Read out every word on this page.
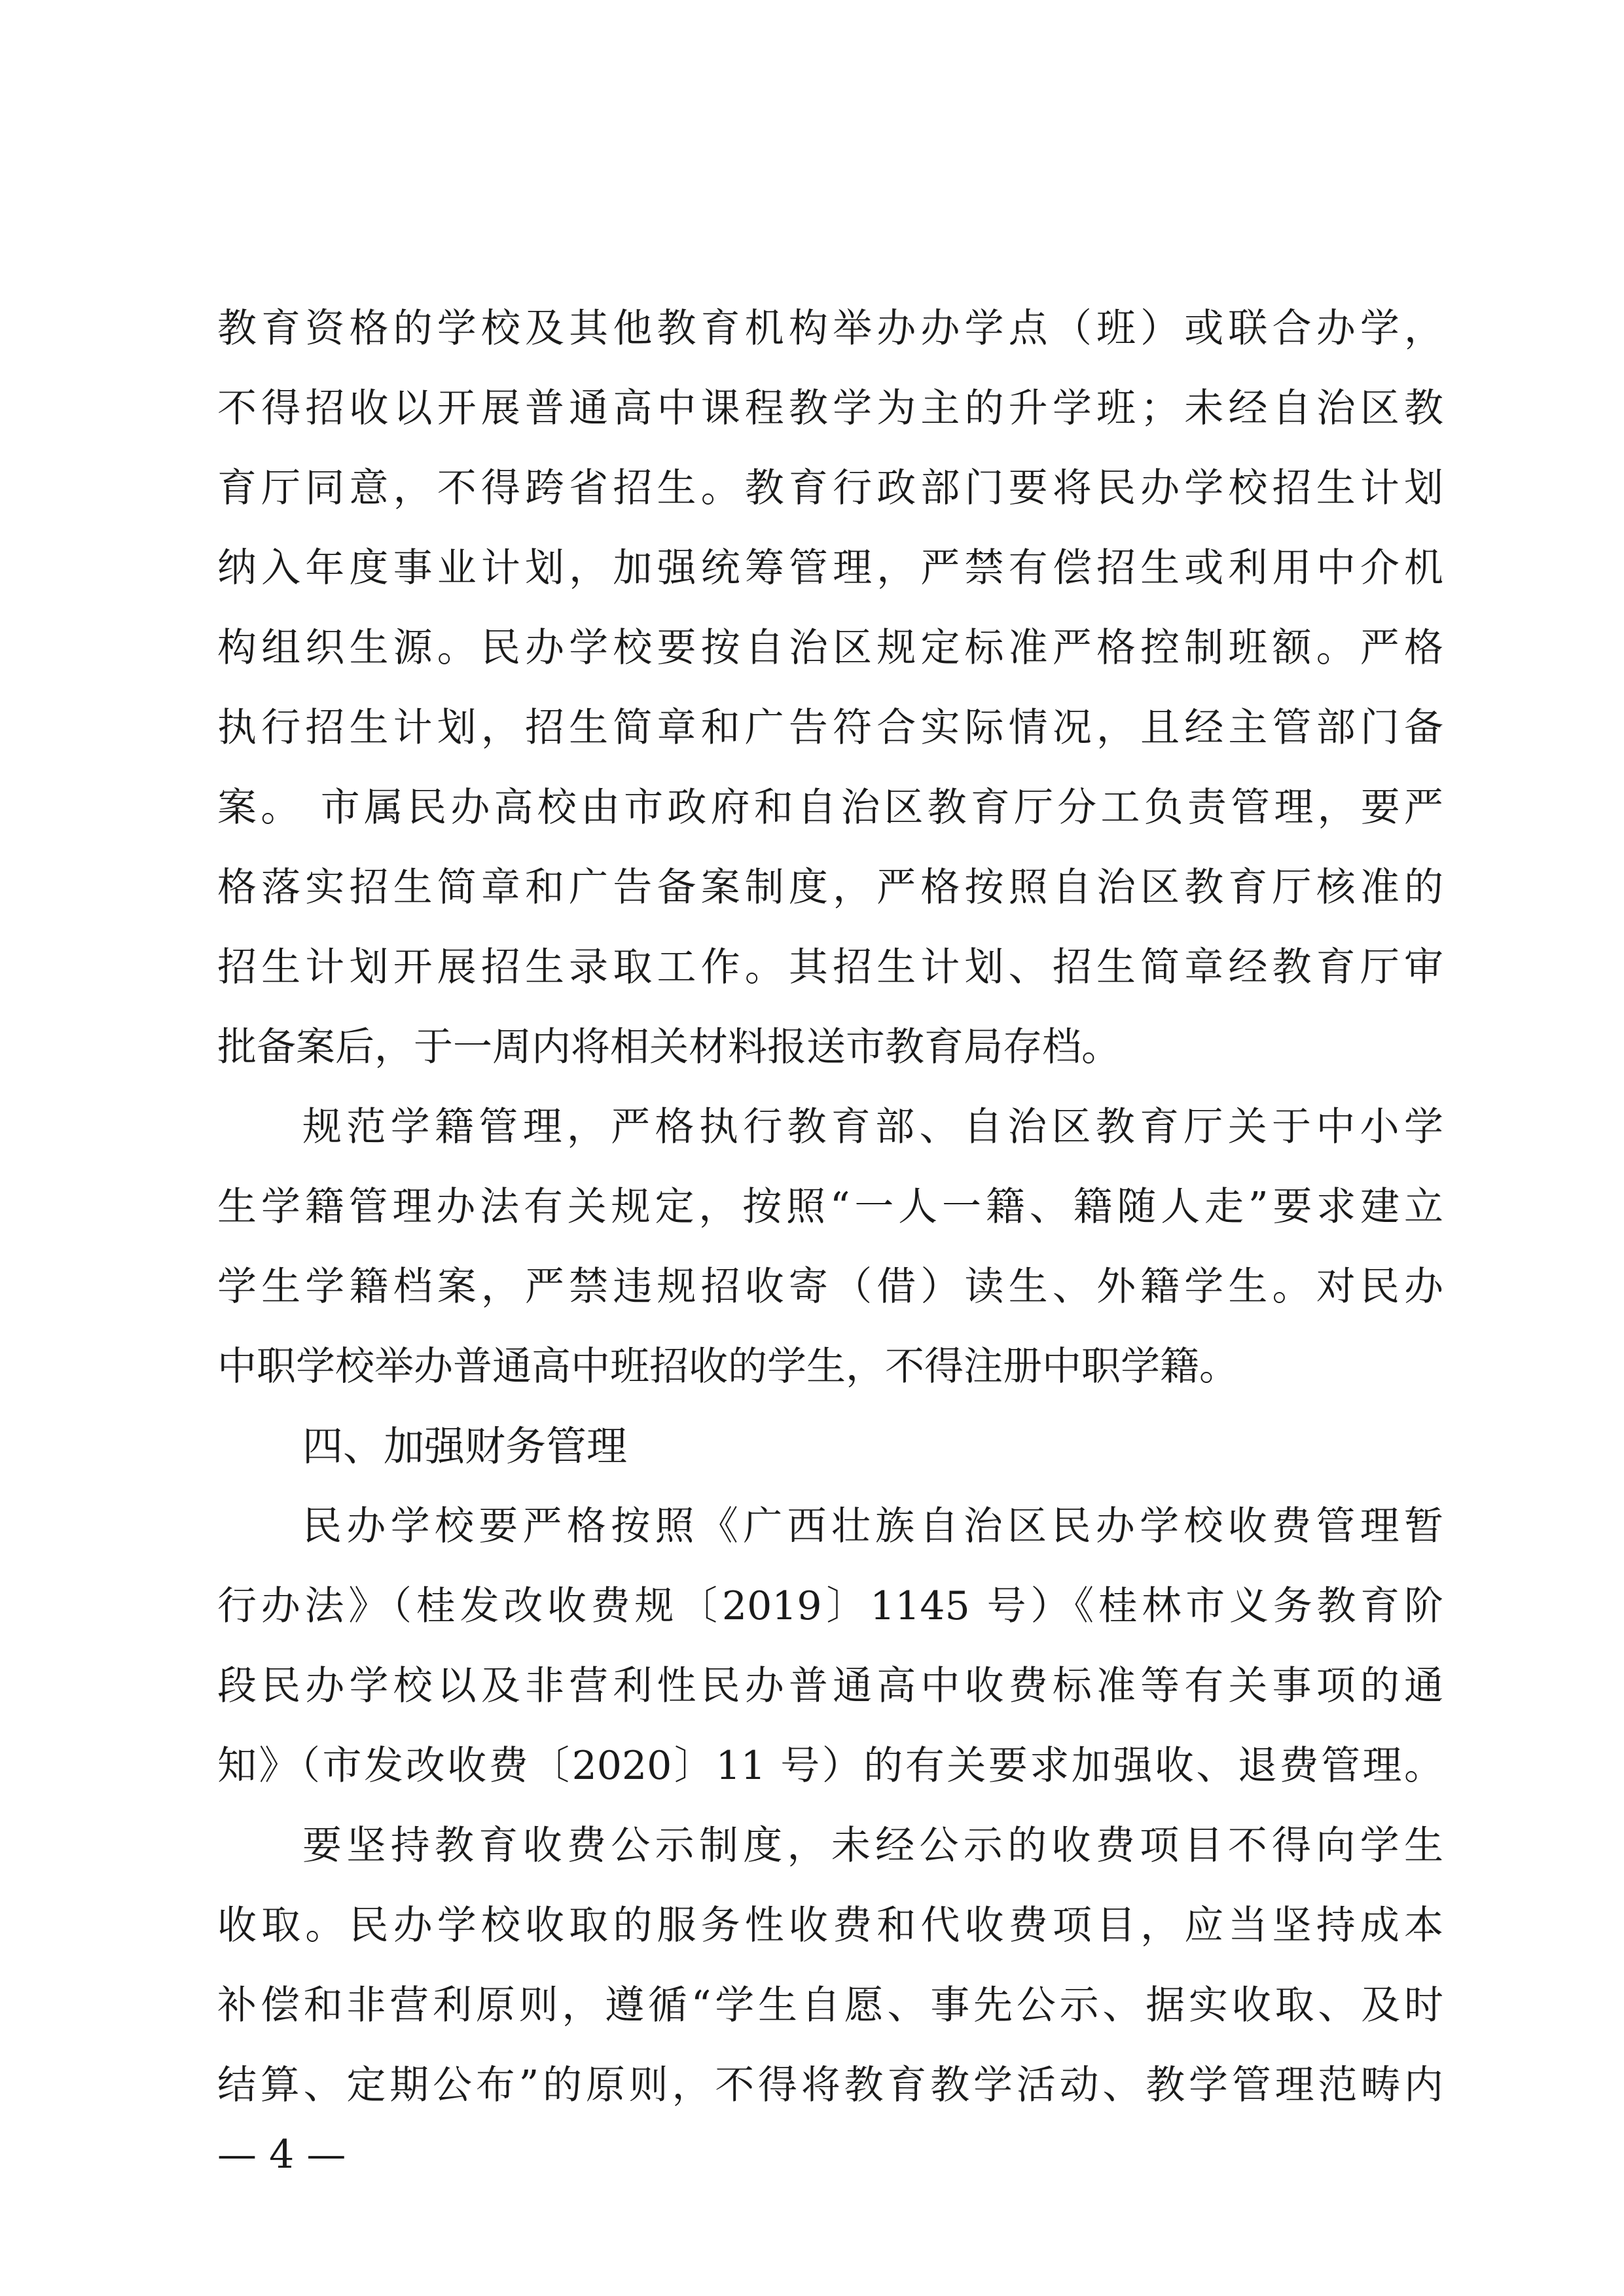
教育资格的学校及其他教育机构举办办学点（班）或联合办学，
不得招收以开展普通高中课程教学为主的升学班；未经自治区教
育厅同意，不得跨省招生。教育行政部门要将民办学校招生计划
纳入年度事业计划，加强统筹管理，严禁有偿招生或利用中介机
构组织生源。民办学校要按自治区规定标准严格控制班额。严格
执行招生计划，招生简章和广告符合实际情况，且经主管部门备
案。 市属民办高校由市政府和自治区教育厅分工负责管理，要严
格落实招生简章和广告备案制度，严格按照自治区教育厅核准的
招生计划开展招生录取工作。其招生计划、招生简章经教育厅审
批备案后，于一周内将相关材料报送市教育局存档。
规范学籍管理，严格执行教育部、自治区教育厅关于中小学
生学籍管理办法有关规定，按照“一人一籍、籍随人走”要求建立
学生学籍档案，严禁违规招收寄（借）读生、外籍学生。对民办
中职学校举办普通高中班招收的学生，不得注册中职学籍。
四、加强财务管理
民办学校要严格按照《广西壮族自治区民办学校收费管理暂
行办法》（桂发改收费规〔2019〕1145 号）《桂林市义务教育阶
段民办学校以及非营利性民办普通高中收费标准等有关事项的通
知》（市发改收费〔2020〕11 号）的有关要求加强收、退费管理。
要坚持教育收费公示制度，未经公示的收费项目不得向学生
收取。民办学校收取的服务性收费和代收费项目，应当坚持成本
补偿和非营利原则，遵循“学生自愿、事先公示、据实收取、及时
结算、定期公布”的原则，不得将教育教学活动、教学管理范畴内
— 4 —
